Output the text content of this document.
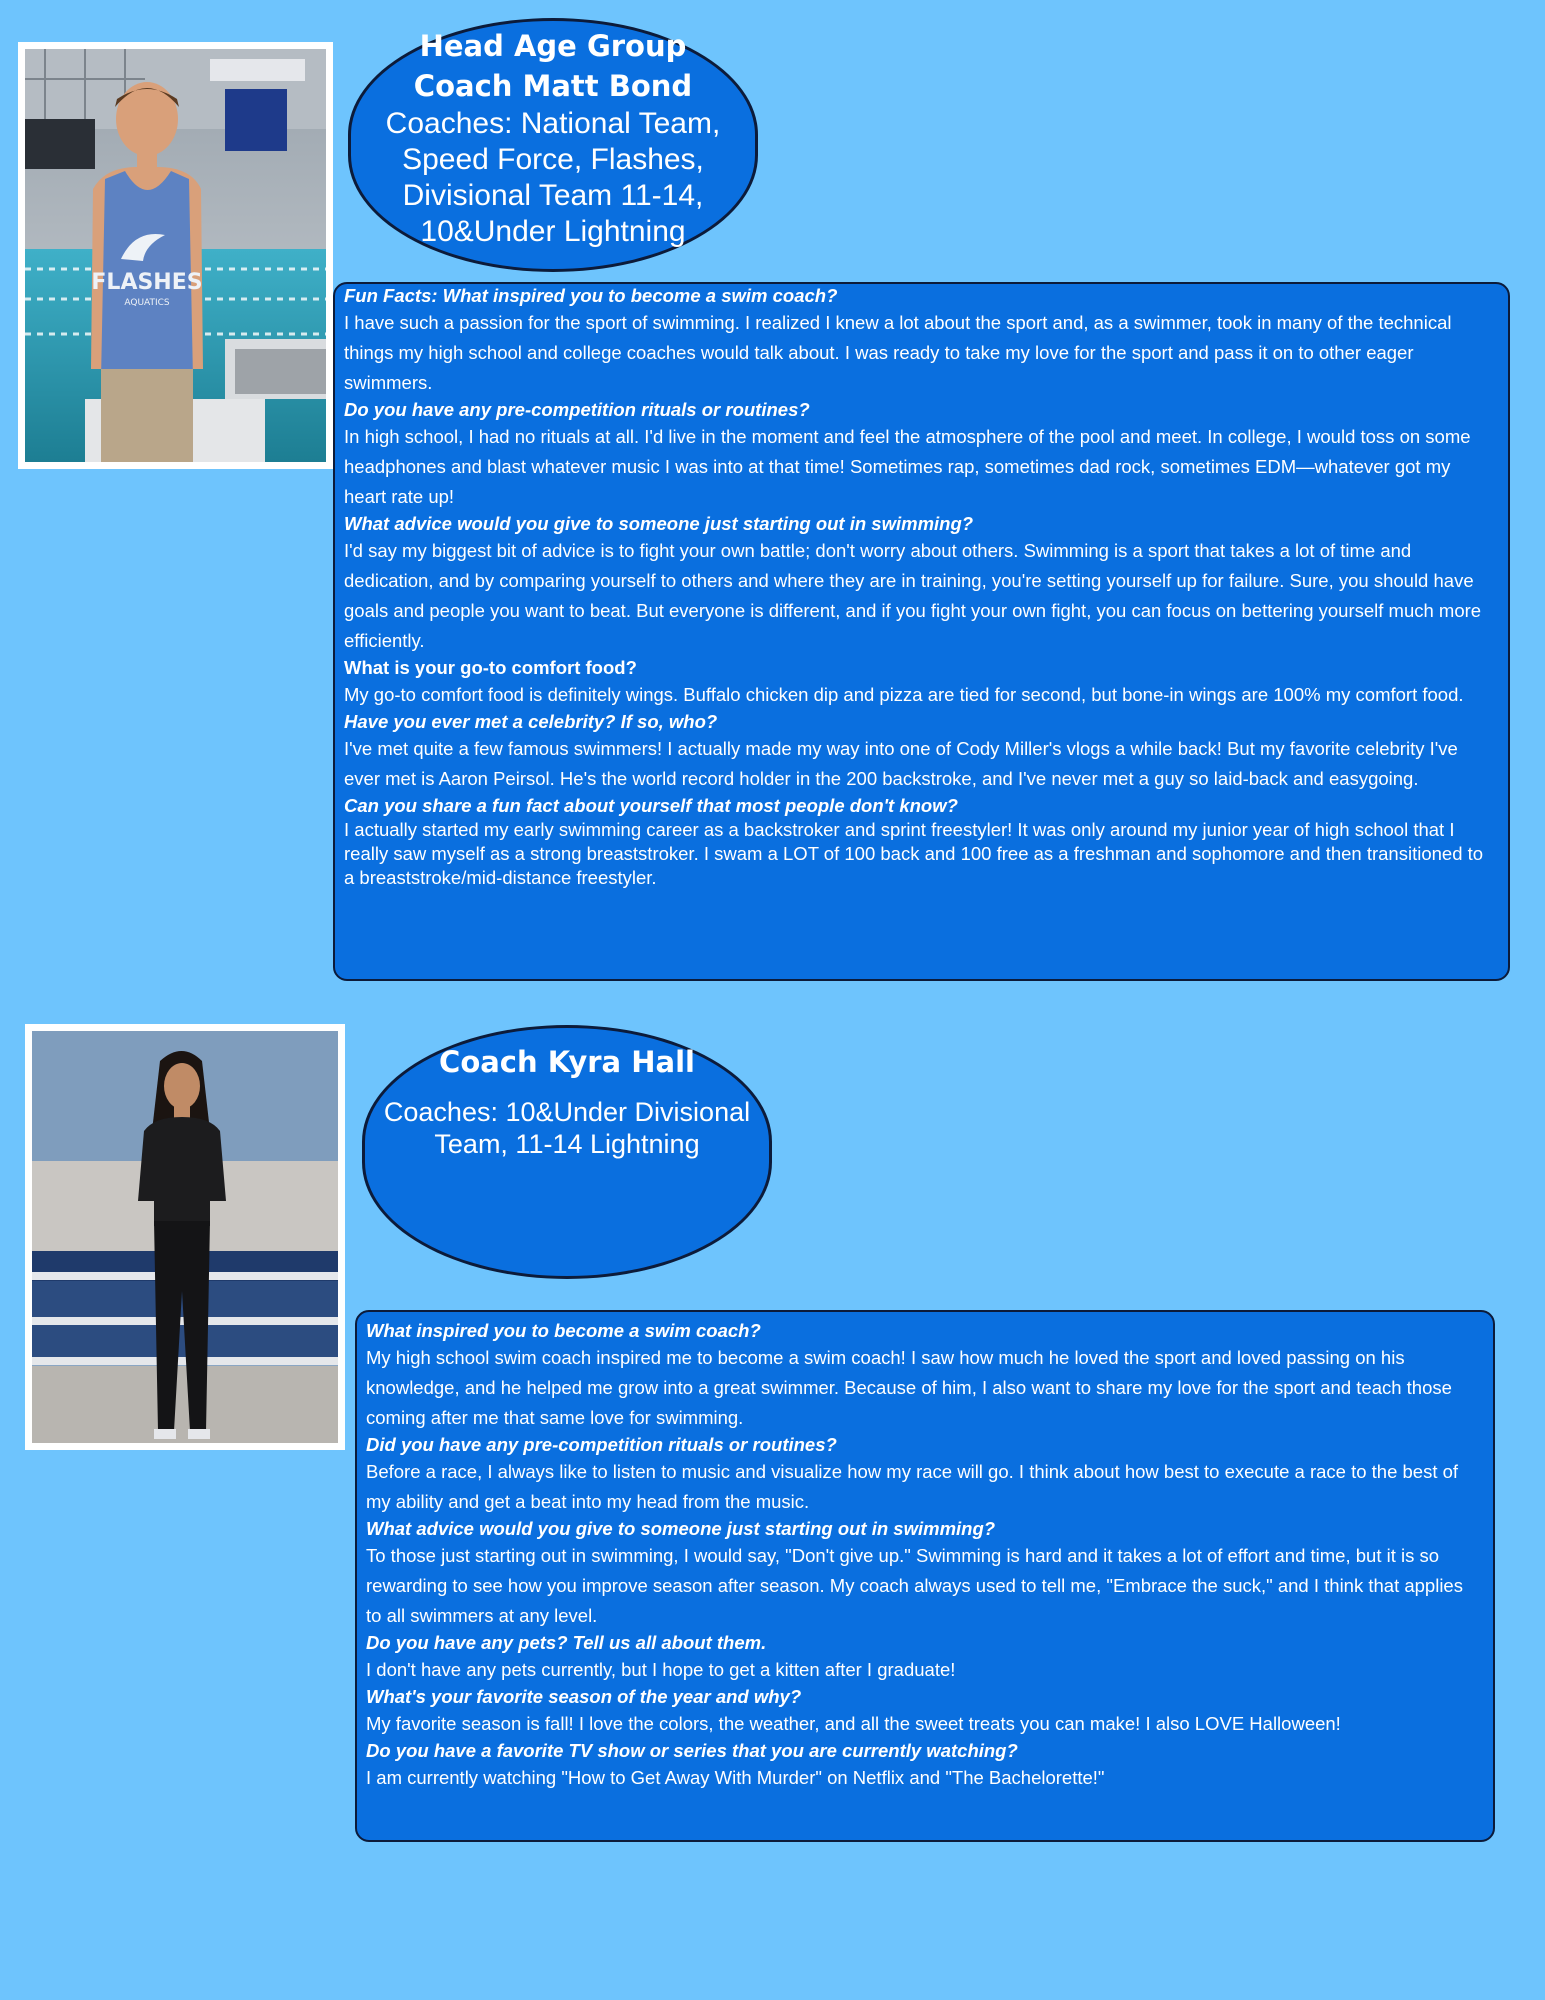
FLASHES
AQUATICS

Head Age Group Coach Matt Bond

Coaches: National Team, Speed Force, Flashes, Divisional Team 11-14, 10&Under Lightning

Fun Facts: What inspired you to become a swim coach?

I have such a passion for the sport of swimming. I realized I knew a lot about the sport and, as a swimmer, took in many of the technical things my high school and college coaches would talk about. I was ready to take my love for the sport and pass it on to other eager swimmers.

Do you have any pre-competition rituals or routines?

In high school, I had no rituals at all. I'd live in the moment and feel the atmosphere of the pool and meet. In college, I would toss on some headphones and blast whatever music I was into at that time! Sometimes rap, sometimes dad rock, sometimes EDM—whatever got my heart rate up!

What advice would you give to someone just starting out in swimming?

I'd say my biggest bit of advice is to fight your own battle; don't worry about others. Swimming is a sport that takes a lot of time and dedication, and by comparing yourself to others and where they are in training, you're setting yourself up for failure. Sure, you should have goals and people you want to beat. But everyone is different, and if you fight your own fight, you can focus on bettering yourself much more efficiently.

What is your go-to comfort food?

My go-to comfort food is definitely wings. Buffalo chicken dip and pizza are tied for second, but bone-in wings are 100% my comfort food.

Have you ever met a celebrity? If so, who?

I've met quite a few famous swimmers! I actually made my way into one of Cody Miller's vlogs a while back! But my favorite celebrity I've ever met is Aaron Peirsol. He's the world record holder in the 200 backstroke, and I've never met a guy so laid-back and easygoing.

Can you share a fun fact about yourself that most people don't know?

I actually started my early swimming career as a backstroker and sprint freestyler! It was only around my junior year of high school that I really saw myself as a strong breaststroker. I swam a LOT of 100 back and 100 free as a freshman and sophomore and then transitioned to a breaststroke/mid-distance freestyler.

Coach Kyra Hall

Coaches: 10&Under Divisional Team, 11-14 Lightning

What inspired you to become a swim coach?

My high school swim coach inspired me to become a swim coach! I saw how much he loved the sport and loved passing on his knowledge, and he helped me grow into a great swimmer. Because of him, I also want to share my love for the sport and teach those coming after me that same love for swimming.

Did you have any pre-competition rituals or routines?

Before a race, I always like to listen to music and visualize how my race will go. I think about how best to execute a race to the best of my ability and get a beat into my head from the music.

What advice would you give to someone just starting out in swimming?

To those just starting out in swimming, I would say, "Don't give up." Swimming is hard and it takes a lot of effort and time, but it is so rewarding to see how you improve season after season. My coach always used to tell me, "Embrace the suck," and I think that applies to all swimmers at any level.

Do you have any pets? Tell us all about them.

I don't have any pets currently, but I hope to get a kitten after I graduate!

What's your favorite season of the year and why?

My favorite season is fall! I love the colors, the weather, and all the sweet treats you can make! I also LOVE Halloween!

Do you have a favorite TV show or series that you are currently watching?

I am currently watching "How to Get Away With Murder" on Netflix and "The Bachelorette!"
